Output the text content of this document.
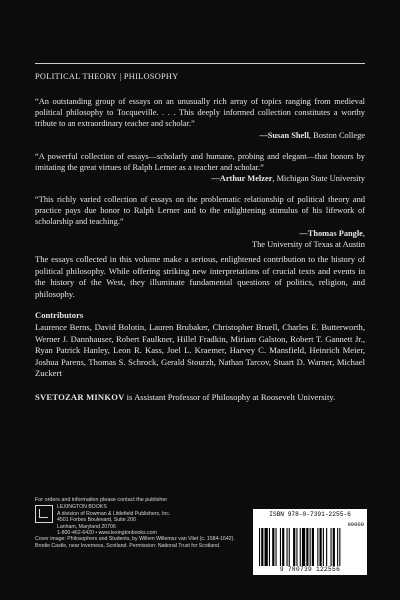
POLITICAL THEORY | PHILOSOPHY

“An outstanding group of essays on an unusually rich array of topics ranging from medieval political philosophy to Tocqueville. . . . This deeply informed collection constitutes a worthy tribute to an extraordinary teacher and scholar.”

—Susan Shell, Boston College

“A powerful collection of essays—scholarly and humane, probing and elegant—that honors by imitating the great virtues of Ralph Lerner as a teacher and scholar.”

—Arthur Melzer, Michigan State University

“This richly varied collection of essays on the problematic relationship of political theory and practice pays due honor to Ralph Lerner and to the enlightening stimulus of his lifework of scholarship and teaching.”

—Thomas Pangle,
The University of Texas at Austin
The essays collected in this volume make a serious, enlightened contribution to the history of political philosophy. While offering striking new interpretations of crucial texts and events in the history of the West, they illuminate fundamental questions of politics, religion, and philosophy.
Contributors
Laurence Berns, David Bolotin, Lauren Brubaker, Christopher Bruell, Charles E. Butterworth, Werner J. Dannhauser, Robert Faulkner, Hillel Fradkin, Miriam Galston, Robert T. Gannett Jr., Ryan Patrick Hanley, Leon R. Kass, Joel L. Kraemer, Harvey C. Mansfield, Heinrich Meier, Joshua Parens, Thomas S. Schrock, Gerald Stourzh, Nathan Tarcov, Stuart D. Warner, Michael Zuckert
SVETOZAR MINKOV is Assistant Professor of Philosophy at Roosevelt University.
For orders and information please contact the publisher
LEXINGTON BOOKS
A division of Rowman & Littlefield Publishers, Inc.
4501 Forbes Boulevard, Suite 200
Lanham, Maryland 20706
1-800-462-6420 • www.lexingtonbooks.com
Cover image: Philosophers and Students, by Willem Willemsz van Vliet (c. 1584-1642). Brodie Castle, near Inverness, Scotland. Permission: National Trust for Scotland.
ISBN 978-0-7391-2255-6
90000
9 780739 122556
